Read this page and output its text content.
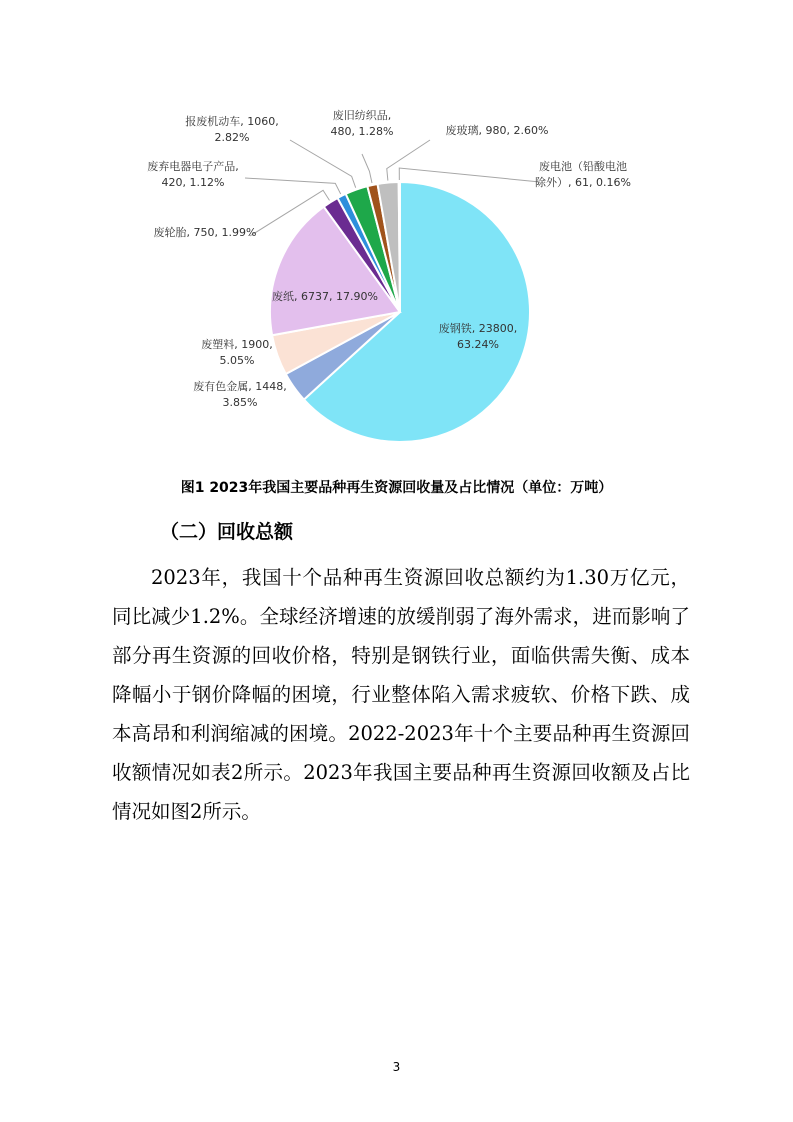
废钢铁, 23800, 63.24%
废有色金属, 1448, 3.85%
废塑料, 1900, 5.05%
废纸, 6737, 17.90%
废轮胎, 750, 1.99%
废弃电器电子产品, 420, 1.12%
报废机动车, 1060, 2.82%
废旧纺织品, 480, 1.28%	废玻璃, 980, 2.60%
废电池（铅酸电池除外）, 61, 0.16%
图1 2023年我国主要品种再生资源回收量及占比情况（单位：万吨）
（二）回收总额
2023年，我国十个品种再生资源回收总额约为1.30万亿元，同比减少1.2%。全球经济增速的放缓削弱了海外需求，进而影响了部分再生资源的回收价格，特别是钢铁行业，面临供需失衡、成本降幅小于钢价降幅的困境，行业整体陷入需求疲软、价格下跌、成本高昂和利润缩减的困境。2022-2023年十个主要品种再生资源回收额情况如表2所示。2023年我国主要品种再生资源回收额及占比情况如图2所示。
3
